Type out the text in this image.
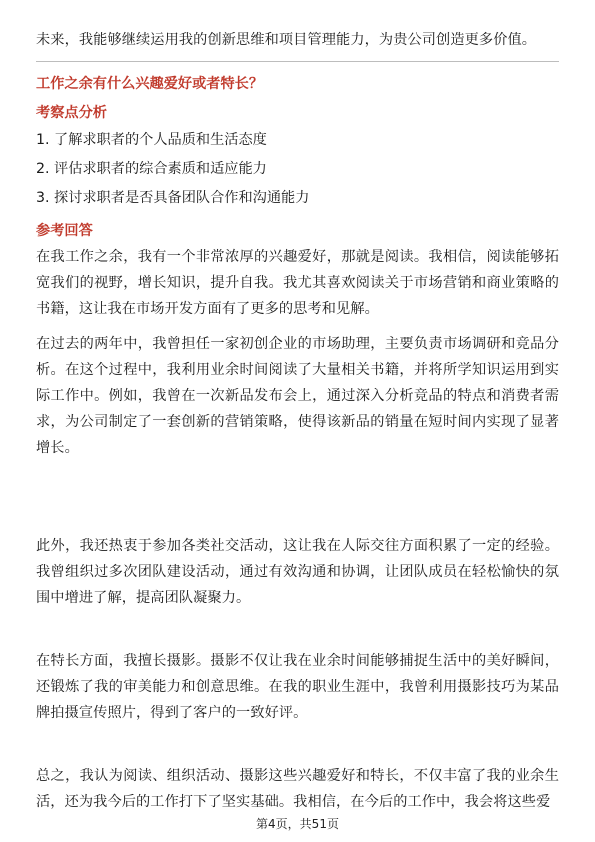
未来，我能够继续运用我的创新思维和项目管理能力，为贵公司创造更多价值。

工作之余有什么兴趣爱好或者特长？

考察点分析

1. 了解求职者的个人品质和生活态度
2. 评估求职者的综合素质和适应能力
3. 探讨求职者是否具备团队合作和沟通能力

参考回答

在我工作之余，我有一个非常浓厚的兴趣爱好，那就是阅读。我相信，阅读能够拓宽我们的视野，增长知识，提升自我。我尤其喜欢阅读关于市场营销和商业策略的书籍，这让我在市场开发方面有了更多的思考和见解。

在过去的两年中，我曾担任一家初创企业的市场助理，主要负责市场调研和竞品分析。在这个过程中，我利用业余时间阅读了大量相关书籍，并将所学知识运用到实际工作中。例如，我曾在一次新品发布会上，通过深入分析竞品的特点和消费者需求，为公司制定了一套创新的营销策略，使得该新品的销量在短时间内实现了显著增长。

此外，我还热衷于参加各类社交活动，这让我在人际交往方面积累了一定的经验。我曾组织过多次团队建设活动，通过有效沟通和协调，让团队成员在轻松愉快的氛围中增进了解，提高团队凝聚力。

在特长方面，我擅长摄影。摄影不仅让我在业余时间能够捕捉生活中的美好瞬间，还锻炼了我的审美能力和创意思维。在我的职业生涯中，我曾利用摄影技巧为某品牌拍摄宣传照片，得到了客户的一致好评。

总之，我认为阅读、组织活动、摄影这些兴趣爱好和特长，不仅丰富了我的业余生活，还为我今后的工作打下了坚实基础。我相信，在今后的工作中，我会将这些爱

第4页，共51页
